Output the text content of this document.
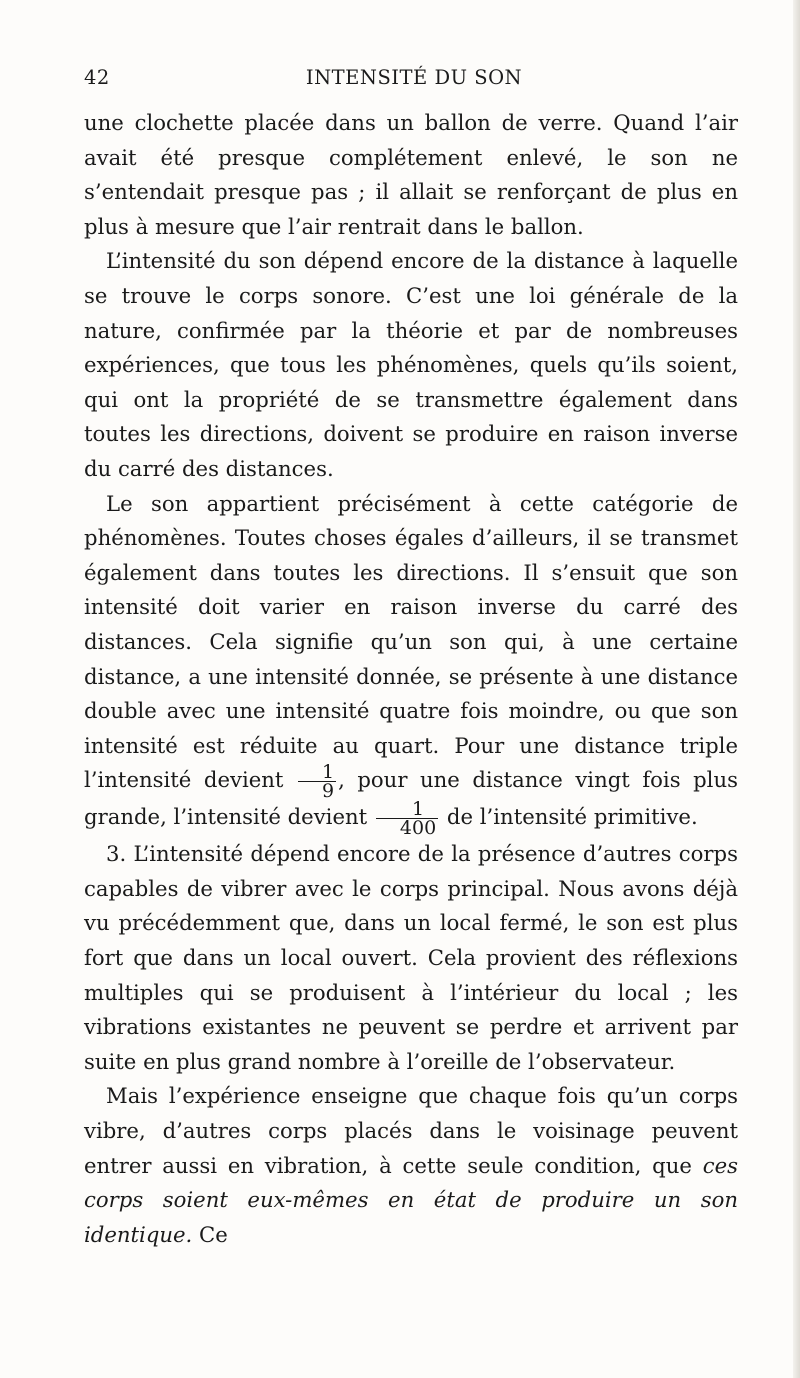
42	INTENSITÉ DU SON

une clochette placée dans un ballon de verre. Quand l’air avait été presque complétement enlevé, le son ne s’entendait presque pas ; il allait se renforçant de plus en plus à mesure que l’air rentrait dans le ballon.

L’intensité du son dépend encore de la distance à laquelle se trouve le corps sonore. C’est une loi générale de la nature, confirmée par la théorie et par de nombreuses expériences, que tous les phénomènes, quels qu’ils soient, qui ont la propriété de se transmettre également dans toutes les directions, doivent se produire en raison inverse du carré des distances.

Le son appartient précisément à cette catégorie de phénomènes. Toutes choses égales d’ailleurs, il se transmet également dans toutes les directions. Il s’ensuit que son intensité doit varier en raison inverse du carré des distances. Cela signifie qu’un son qui, à une certaine distance, a une intensité donnée, se présente à une distance double avec une intensité quatre fois moindre, ou que son intensité est réduite au quart. Pour une distance triple l’intensité devient $\frac{1}{9}$ , pour une distance vingt fois plus grande, l’intensité devient $\frac{1}{400}$ de l’intensité primitive.

3. L’intensité dépend encore de la présence d’autres corps capables de vibrer avec le corps principal. Nous avons déjà vu précédemment que, dans un local fermé, le son est plus fort que dans un local ouvert. Cela provient des réflexions multiples qui se produisent à l’intérieur du local ; les vibrations existantes ne peuvent se perdre et arrivent par suite en plus grand nombre à l’oreille de l’observateur.

Mais l’expérience enseigne que chaque fois qu’un corps vibre, d’autres corps placés dans le voisinage peuvent entrer aussi en vibration, à cette seule condition, que ces corps soient eux-mêmes en état de produire un son identique. Ce
